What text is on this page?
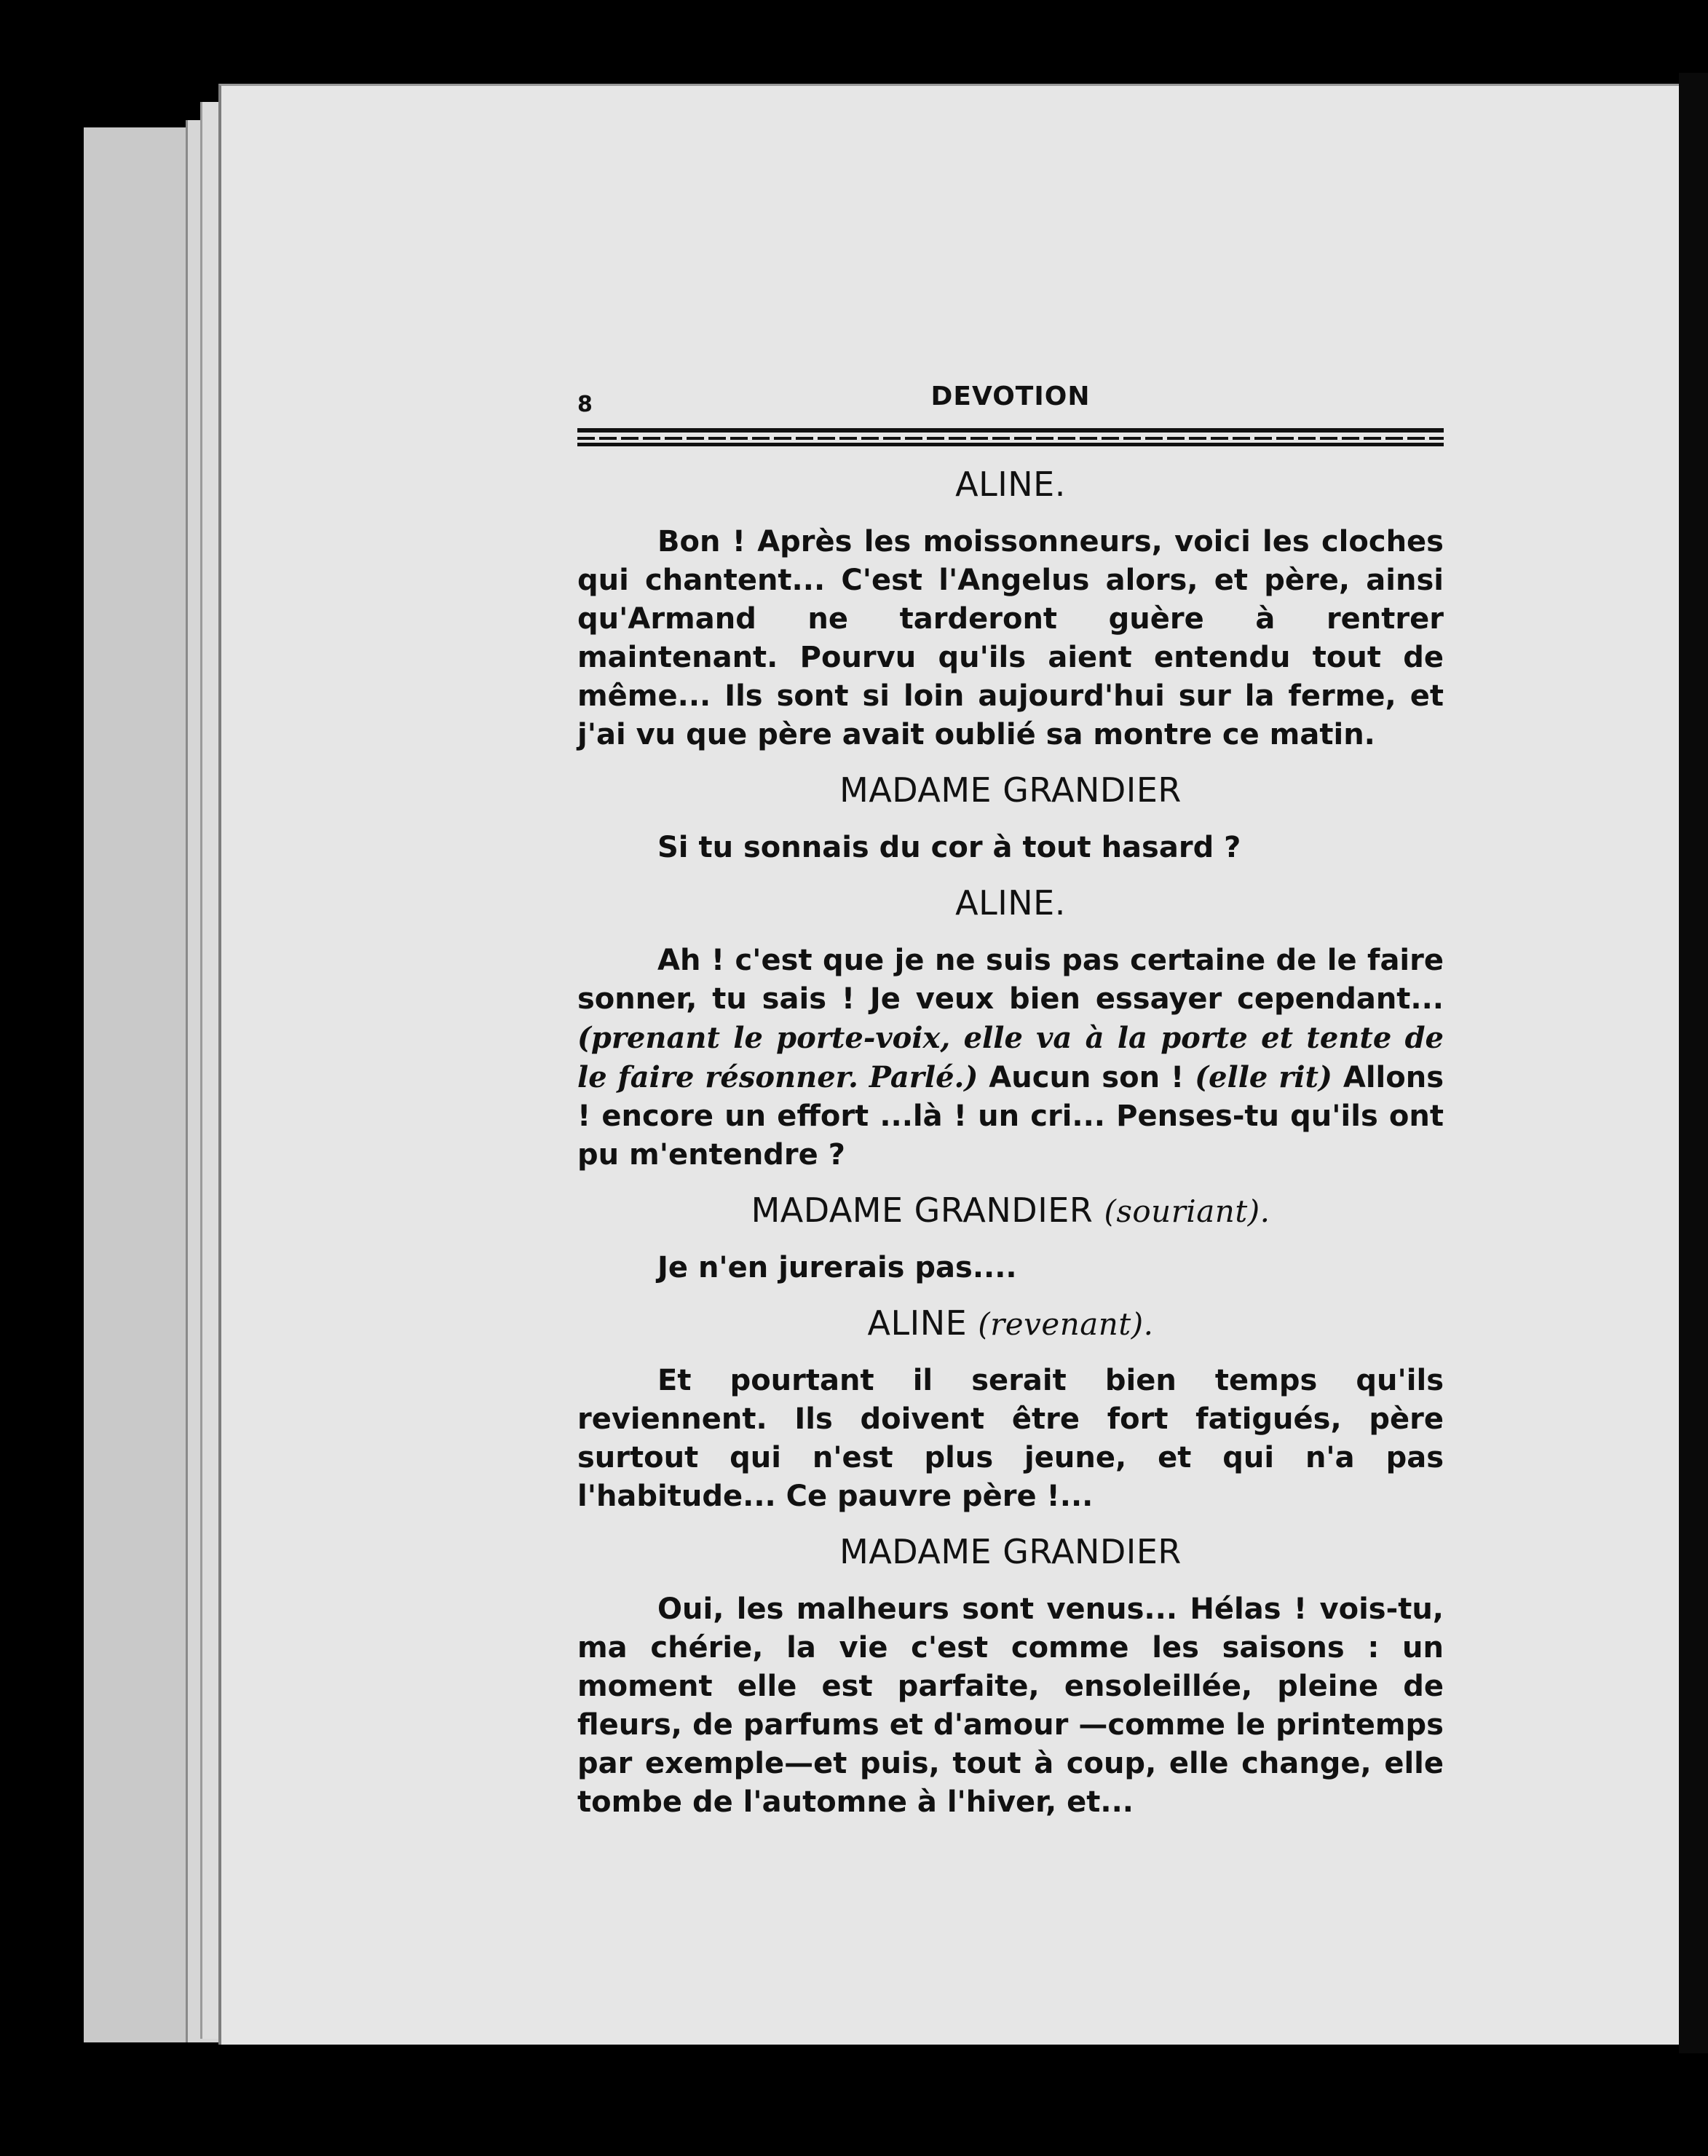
8	DEVOTION
ALINE.

Bon ! Après les moissonneurs, voici les cloches qui chantent... C'est l'Angelus alors, et père, ainsi qu'Armand ne tarderont guère à rentrer maintenant. Pourvu qu'ils aient entendu tout de même... Ils sont si loin aujourd'hui sur la ferme, et j'ai vu que père avait oublié sa montre ce matin.

MADAME GRANDIER

Si tu sonnais du cor à tout hasard ?

ALINE.

Ah ! c'est que je ne suis pas certaine de le faire sonner, tu sais ! Je veux bien essayer cependant...(prenant le porte-voix, elle va à la porte et tente de le faire résonner. Parlé.) Aucun son ! (elle rit) Allons ! encore un effort ...là ! un cri... Penses-tu qu'ils ont pu m'entendre ?

MADAME GRANDIER (souriant).

Je n'en jurerais pas....

ALINE (revenant).

Et pourtant il serait bien temps qu'ils reviennent. Ils doivent être fort fatigués, père surtout qui n'est plus jeune, et qui n'a pas l'habitude... Ce pauvre père !...

MADAME GRANDIER

Oui, les malheurs sont venus... Hélas ! vois-tu, ma chérie, la vie c'est comme les saisons : un moment elle est parfaite, ensoleillée, pleine de fleurs, de parfums et d'amour —comme le printemps par exemple—et puis, tout à coup, elle change, elle tombe de l'automne à l'hiver, et...
